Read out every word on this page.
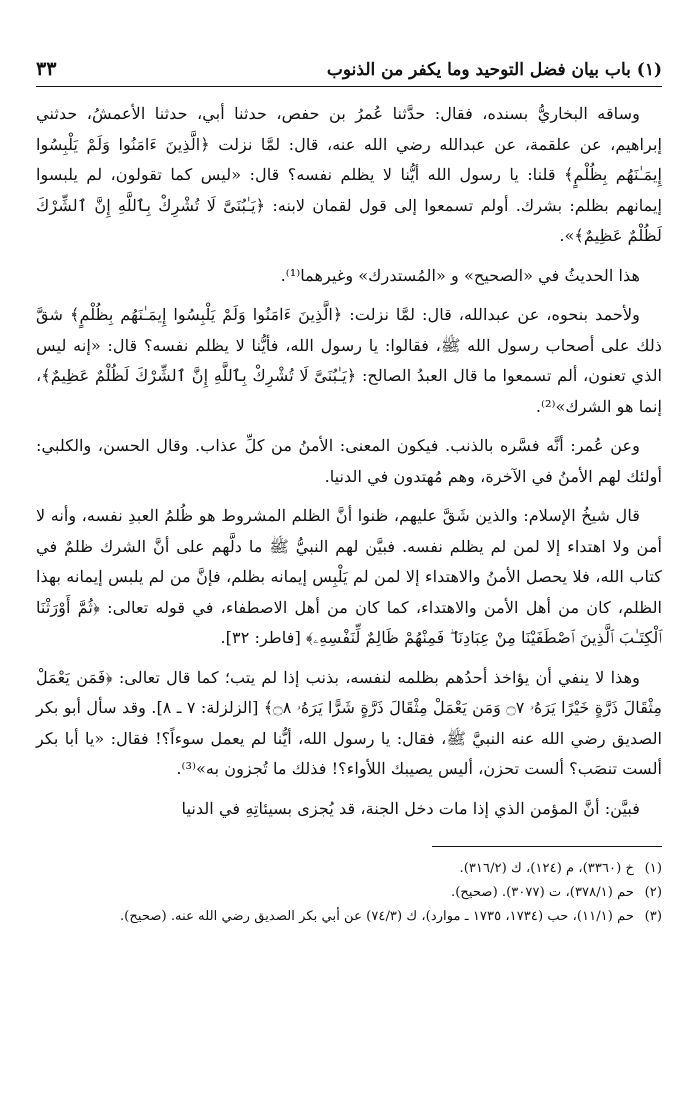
(١) باب بيان فضل التوحيد وما يكفر من الذنوب
٣٣

وساقه البخاريُّ بسنده، فقال: حدَّثنا عُمرُ بن حفص، حدثنا أبي، حدثنا الأعمشُ، حدثني إبراهيم، عن علقمة، عن عبدالله رضي الله عنه، قال: لمَّا نزلت ﴿الَّذِينَ ءَامَنُوا وَلَمْ يَلْبِسُوا إِيمَـٰنَهُم بِظُلْمٍ﴾ قلنا: يا رسول الله أيُّنا لا يظلم نفسه؟ قال: «ليس كما تقولون، لم يلبسوا إيمانهم بظلم: بشرك. أولم تسمعوا إلى قول لقمان لابنه: ﴿يَـٰبُنَىَّ لَا تُشْرِكْ بِٱللَّهِ إِنَّ ٱلشِّرْكَ لَظُلْمٌ عَظِيمٌ﴾».

هذا الحديثُ في «الصحيح» و «المُستدرك» وغيرهما⁽¹⁾.

ولأحمد بنحوه، عن عبدالله، قال: لمَّا نزلت: ﴿الَّذِينَ ءَامَنُوا وَلَمْ يَلْبِسُوا إِيمَـٰنَهُم بِظُلْمٍ﴾ شقَّ ذلك على أصحاب رسول الله ﷺ، فقالوا: يا رسول الله، فأيُّنا لا يظلم نفسه؟ قال: «إنه ليس الذي تعنون، ألم تسمعوا ما قال العبدُ الصالح: ﴿يَـٰبُنَىَّ لَا تُشْرِكْ بِٱللَّهِ إِنَّ ٱلشِّرْكَ لَظُلْمٌ عَظِيمٌ﴾، إنما هو الشرك»⁽²⁾.

وعن عُمر: أنَّه فسَّره بالذنب. فيكون المعنى: الأمنُ من كلِّ عذاب. وقال الحسن، والكلبي: أولئك لهم الأمنُ في الآخرة، وهم مُهتدون في الدنيا.

قال شيخُ الإسلام: والذين شَقَّ عليهم، ظنوا أنَّ الظلم المشروط هو ظُلمُ العبدِ نفسه، وأنه لا أمن ولا اهتداء إلا لمن لم يظلم نفسه. فبيَّن لهم النبيُّ ﷺ ما دلَّهم على أنَّ الشرك ظلمٌ في كتاب الله، فلا يحصل الأمنُ والاهتداء إلا لمن لم يَلْبِس إيمانه بظلم، فإنَّ من لم يلبس إيمانه بهذا الظلم، كان من أهل الأمن والاهتداء، كما كان من أهل الاصطفاء، في قوله تعالى: ﴿ثُمَّ أَوْرَثْنَا ٱلْكِتَـٰبَ ٱلَّذِينَ ٱصْطَفَيْنَا مِنْ عِبَادِنَا ۖ فَمِنْهُمْ ظَالِمٌ لِّنَفْسِهِۦ﴾ [فاطر: ٣٢].

وهذا لا ينفي أن يؤاخذ أحدُهم بظلمه لنفسه، بذنب إذا لم يتب؛ كما قال تعالى: ﴿فَمَن يَعْمَلْ مِثْقَالَ ذَرَّةٍ خَيْرًا يَرَهُۥ ۝٧ وَمَن يَعْمَلْ مِثْقَالَ ذَرَّةٍ شَرًّا يَرَهُۥ ۝٨﴾ [الزلزلة: ٧ ـ ٨]. وقد سأل أبو بكر الصديق رضي الله عنه النبيَّ ﷺ، فقال: يا رسول الله، أيُّنا لم يعمل سوءاً؟! فقال: «يا أبا بكر ألست تنصَب؟ ألست تحزن، أليس يصيبك اللأواء؟! فذلك ما تُجزون به»⁽³⁾.

فبيَّن: أنَّ المؤمن الذي إذا مات دخل الجنة، قد يُجزى بسيئاتِهِ في الدنيا

(١)
خ (٣٣٦٠)، م (١٢٤)، ك (٣١٦/٢).
(٢)
حم (٣٧٨/١)، ت (٣٠٧٧). (صحيح).
(٣)
حم (١١/١)، حب (١٧٣٤، ١٧٣٥ ـ موارد)، ك (٧٤/٣) عن أبي بكر الصديق رضي الله عنه. (صحيح).
